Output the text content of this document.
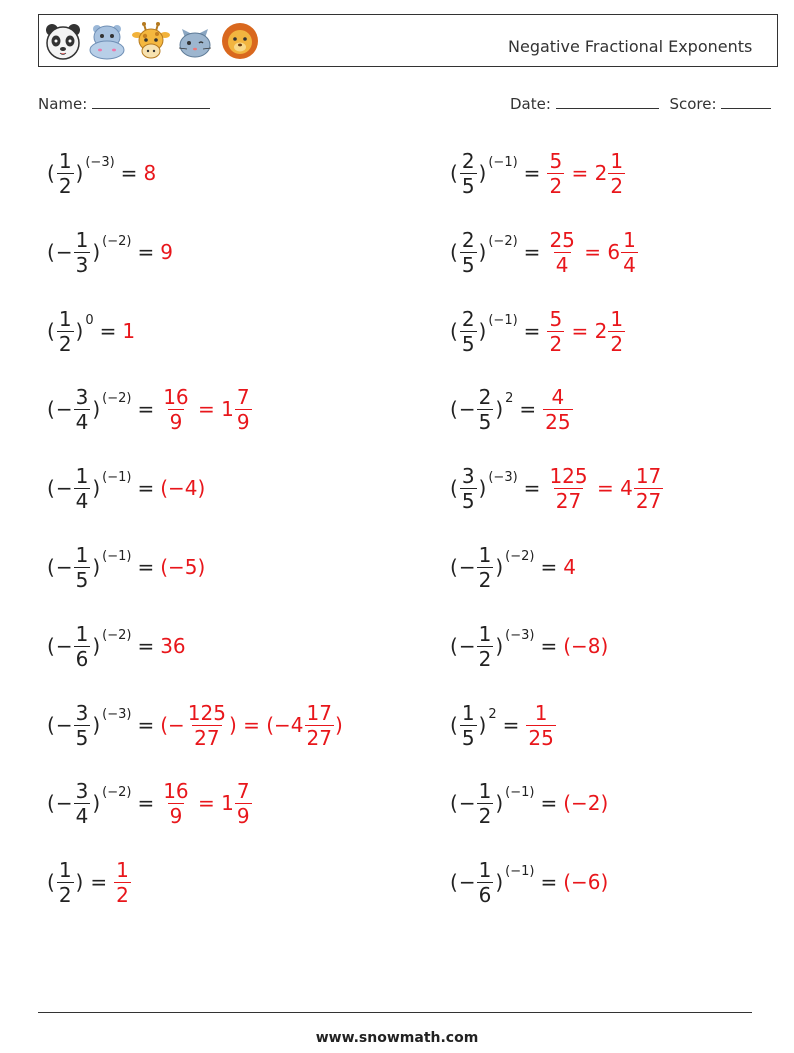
Negative Fractional Exponents
Name:	Date:	Score:
( $\frac{1}{2}$ ) (−3) = 8	( $\frac{2}{5}$ ) $(-1) = \frac{5}{2} = 2 \frac{1}{2}$
( − $\frac{1}{3}$ ) (−2) = 9	( $\frac{2}{5}$ ) $(-2) = \frac{25}{4} = 6 \frac{1}{4}$
( $\frac{1}{2}$ ) 0 = 1	( $\frac{2}{5}$ ) $(-1) = \frac{5}{2} = 2 \frac{1}{2}$
( − $\frac{3}{4}$ ) $(-2) = \frac{16}{9} = 1 \frac{7}{9}$	( − $\frac{2}{5}$ ) $2 = \frac{4}{25}$
( − $\frac{1}{4}$ ) (−1) = (−4)	( $\frac{3}{5}$ ) $(-3) = \frac{125}{27} = 4 \frac{17}{27}$
( − $\frac{1}{5}$ ) (−1) = (−5)	( − $\frac{1}{2}$ ) (−2) = 4
( − $\frac{1}{6}$ ) (−2) = 36	( − $\frac{1}{2}$ ) (−3) = (−8)
( − $\frac{3}{5}$ ) (−3) = (− $\frac{125}{27}$ ) = ($-4 \frac{17}{27}$ )	( $\frac{1}{5}$ ) $2 = \frac{1}{25}$
( − $\frac{3}{4}$ ) $(-2) = \frac{16}{9} = 1 \frac{7}{9}$	( − $\frac{1}{2}$ ) (−1) = (−2)
( $\frac{1}{2}$ ) = $\frac{1}{2}$	( − $\frac{1}{6}$ ) (−1) = (−6)
www.snowmath.com
